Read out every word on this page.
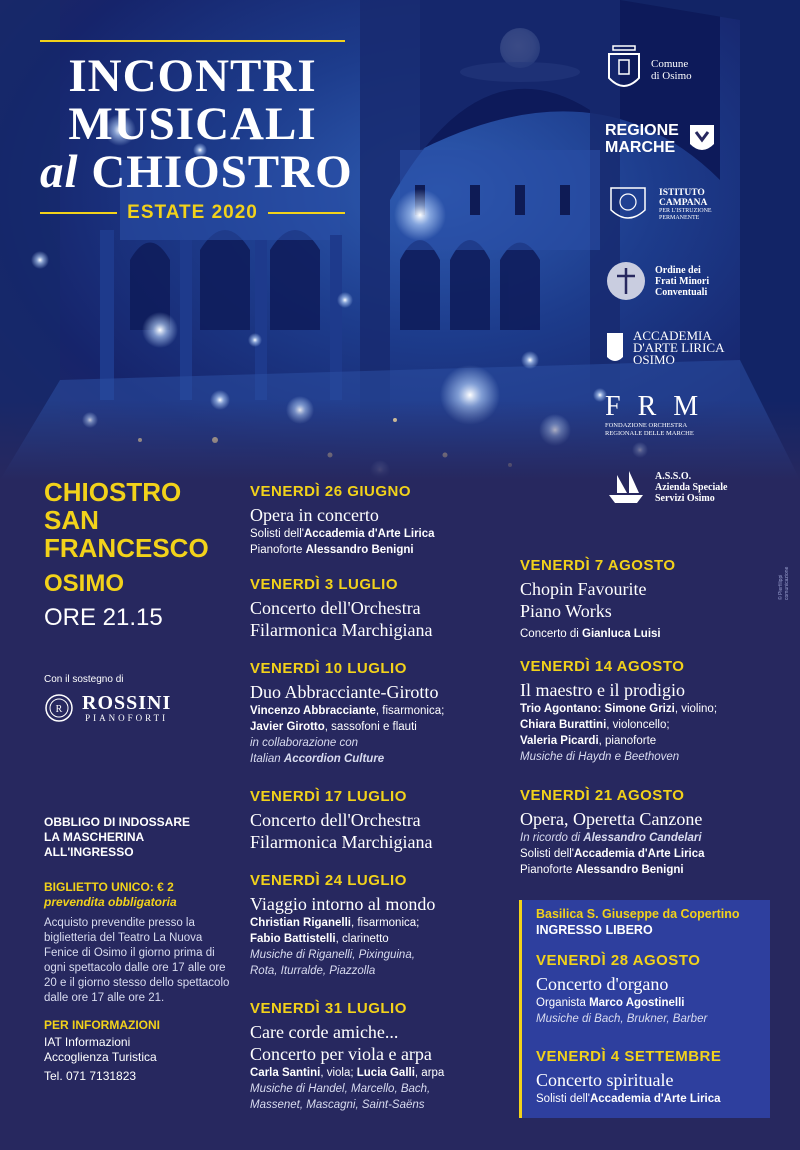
INCONTRI
MUSICALI
al CHIOSTRO
ESTATE 2020
Comune
di Osimo
REGIONE
MARCHE
ISTITUTO
CAMPANA
PER L'ISTRUZIONE
PERMANENTE
Ordine dei
Frati Minori
Conventuali
ACCADEMIA
D'ARTE LIRICA
OSIMO
F R M
FONDAZIONE ORCHESTRA
REGIONALE DELLE MARCHE
A.S.S.O.
Azienda Speciale
Servizi Osimo
CHIOSTRO
SAN
FRANCESCO
OSIMO
ORE 21.15
Con il sostegno di
R ROSSINI
PIANOFORTI
OBBLIGO DI INDOSSARE
LA MASCHERINA
ALL'INGRESSO
BIGLIETTO UNICO: € 2
prevendita obbligatoria
Acquisto prevendite presso la biglietteria del Teatro La Nuova Fenice di Osimo il giorno prima di ogni spettacolo dalle ore 17 alle ore 20 e il giorno stesso dello spettacolo dalle ore 17 alle ore 21.
PER INFORMAZIONI
IAT Informazioni
Accoglienza Turistica
Tel. 071 7131823
VENERDÌ 26 GIUGNO
Opera in concerto
Solisti dell'Accademia d'Arte Lirica
Pianoforte Alessandro Benigni
VENERDÌ 3 LUGLIO
Concerto dell'Orchestra
Filarmonica Marchigiana
VENERDÌ 10 LUGLIO
Duo Abbracciante-Girotto
Vincenzo Abbracciante, fisarmonica;
Javier Girotto, sassofoni e flauti
in collaborazione con
Italian Accordion Culture
VENERDÌ 17 LUGLIO
Concerto dell'Orchestra
Filarmonica Marchigiana
VENERDÌ 24 LUGLIO
Viaggio intorno al mondo
Christian Riganelli, fisarmonica;
Fabio Battistelli, clarinetto
Musiche di Riganelli, Pixinguina,
Rota, Iturralde, Piazzolla
VENERDÌ 31 LUGLIO
Care corde amiche...
Concerto per viola e arpa
Carla Santini, viola; Lucia Galli, arpa
Musiche di Handel, Marcello, Bach,
Massenet, Mascagni, Saint-Saëns
VENERDÌ 7 AGOSTO
Chopin Favourite
Piano Works
Concerto di Gianluca Luisi
VENERDÌ 14 AGOSTO
Il maestro e il prodigio
Trio Agontano: Simone Grizi, violino;
Chiara Burattini, violoncello;
Valeria Picardi, pianoforte
Musiche di Haydn e Beethoven
VENERDÌ 21 AGOSTO
Opera, Operetta Canzone
In ricordo di Alessandro Candelari
Solisti dell'Accademia d'Arte Lirica
Pianoforte Alessandro Benigni
Basilica S. Giuseppe da Copertino
INGRESSO LIBERO
VENERDÌ 28 AGOSTO
Concerto d'organo
Organista Marco Agostinelli
Musiche di Bach, Brukner, Barber
VENERDÌ 4 SETTEMBRE
Concerto spirituale
Solisti dell'Accademia d'Arte Lirica
© Pierfilippi comunicazione
